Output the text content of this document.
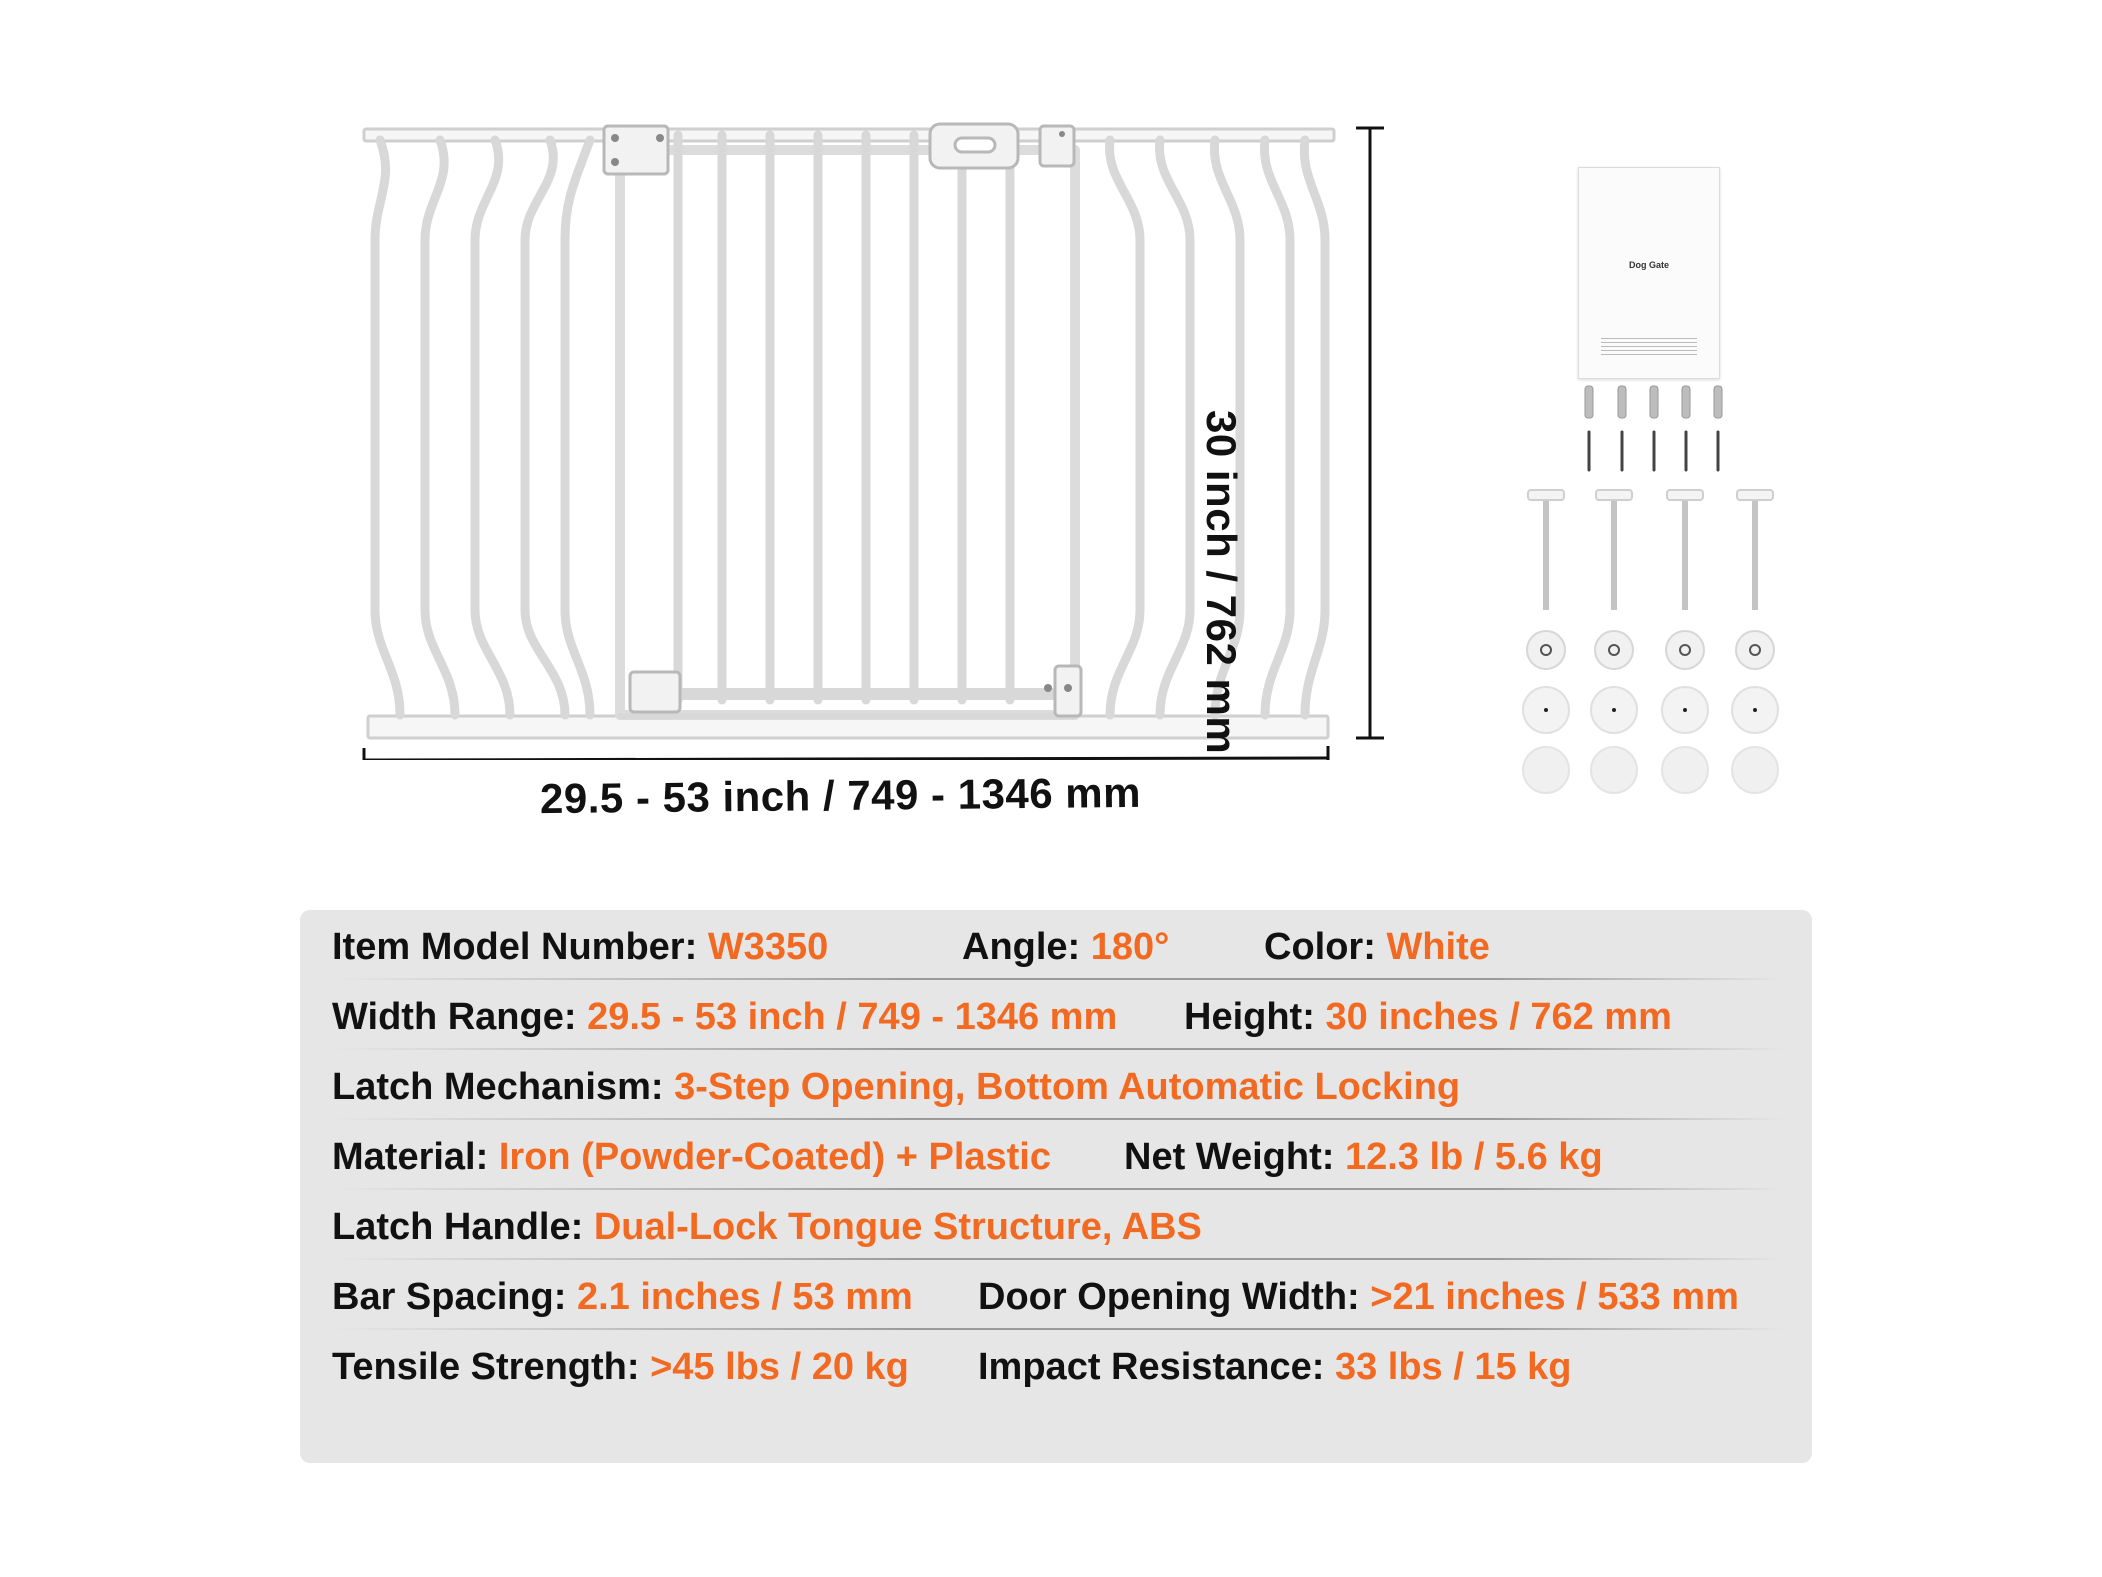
29.5 - 53 inch / 749 - 1346 mm
30 inch / 762 mm
Dog Gate
Item Model Number: W3350	Angle: 180° Color: White
Width Range: 29.5 - 53 inch / 749 - 1346 mm Height: 30 inches / 762 mm
Latch Mechanism: 3-Step Opening, Bottom Automatic Locking
Material: Iron (Powder-Coated) + Plastic Net Weight: 12.3 lb / 5.6 kg
Latch Handle: Dual-Lock Tongue Structure, ABS
Bar Spacing: 2.1 inches / 53 mm Door Opening Width: >21 inches / 533 mm
Tensile Strength: >45 lbs / 20 kg Impact Resistance: 33 lbs / 15 kg
